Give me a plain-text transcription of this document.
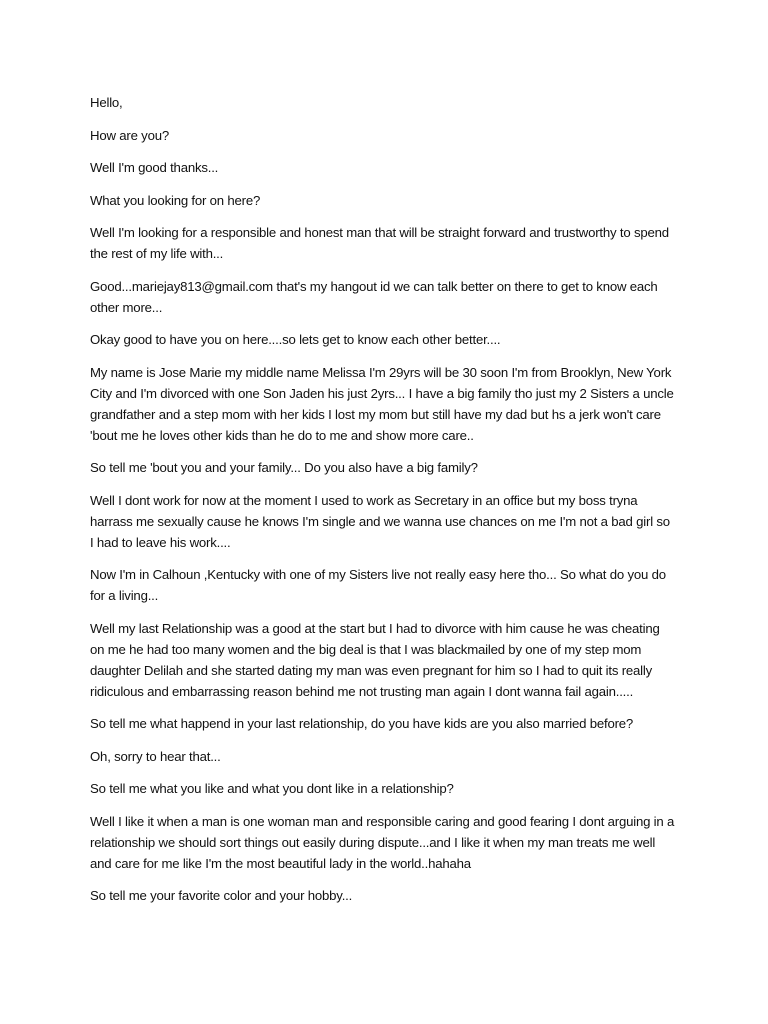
Hello,

How are you?

Well I'm good thanks...

What you looking for on here?

Well I'm looking for a responsible and honest man that will be straight forward and trustworthy to spend the rest of my life with...

Good...mariejay813@gmail.com that's my hangout id we can talk better on there to get to know each other more...

Okay good to have you on here....so lets get to know each other better....

My name is Jose Marie my middle name Melissa I'm 29yrs will be 30 soon I'm from Brooklyn, New York City and I'm divorced with one Son Jaden his just 2yrs... I have a big family tho just my 2 Sisters a uncle grandfather and a step mom with her kids I lost my mom but still have my dad but hs a jerk won't care 'bout me he loves other kids than he do to me and show more care..

So tell me 'bout you and your family... Do you also have a big family?

Well I dont work for now at the moment I used to work as Secretary in an office but my boss tryna harrass me sexually cause he knows I'm single and we wanna use chances on me I'm not a bad girl so I had to leave his work....

Now I'm in Calhoun ,Kentucky with one of my Sisters live not really easy here tho... So what do you do for a living...

Well my last Relationship was a good at the start but I had to divorce with him cause he was cheating on me he had too many women and the big deal is that I was blackmailed by one of my step mom daughter Delilah and she started dating my man was even pregnant for him so I had to quit its really ridiculous and embarrassing reason behind me not trusting man again I dont wanna fail again.....

So tell me what happend in your last relationship, do you have kids are you also married before?

Oh, sorry to hear that...

So tell me what you like and what you dont like in a relationship?

Well I like it when a man is one woman man and responsible caring and good fearing I dont arguing in a relationship we should sort things out easily during dispute...and I like it when my man treats me well and care for me like I'm the most beautiful lady in the world..hahaha

So tell me your favorite color and your hobby...
